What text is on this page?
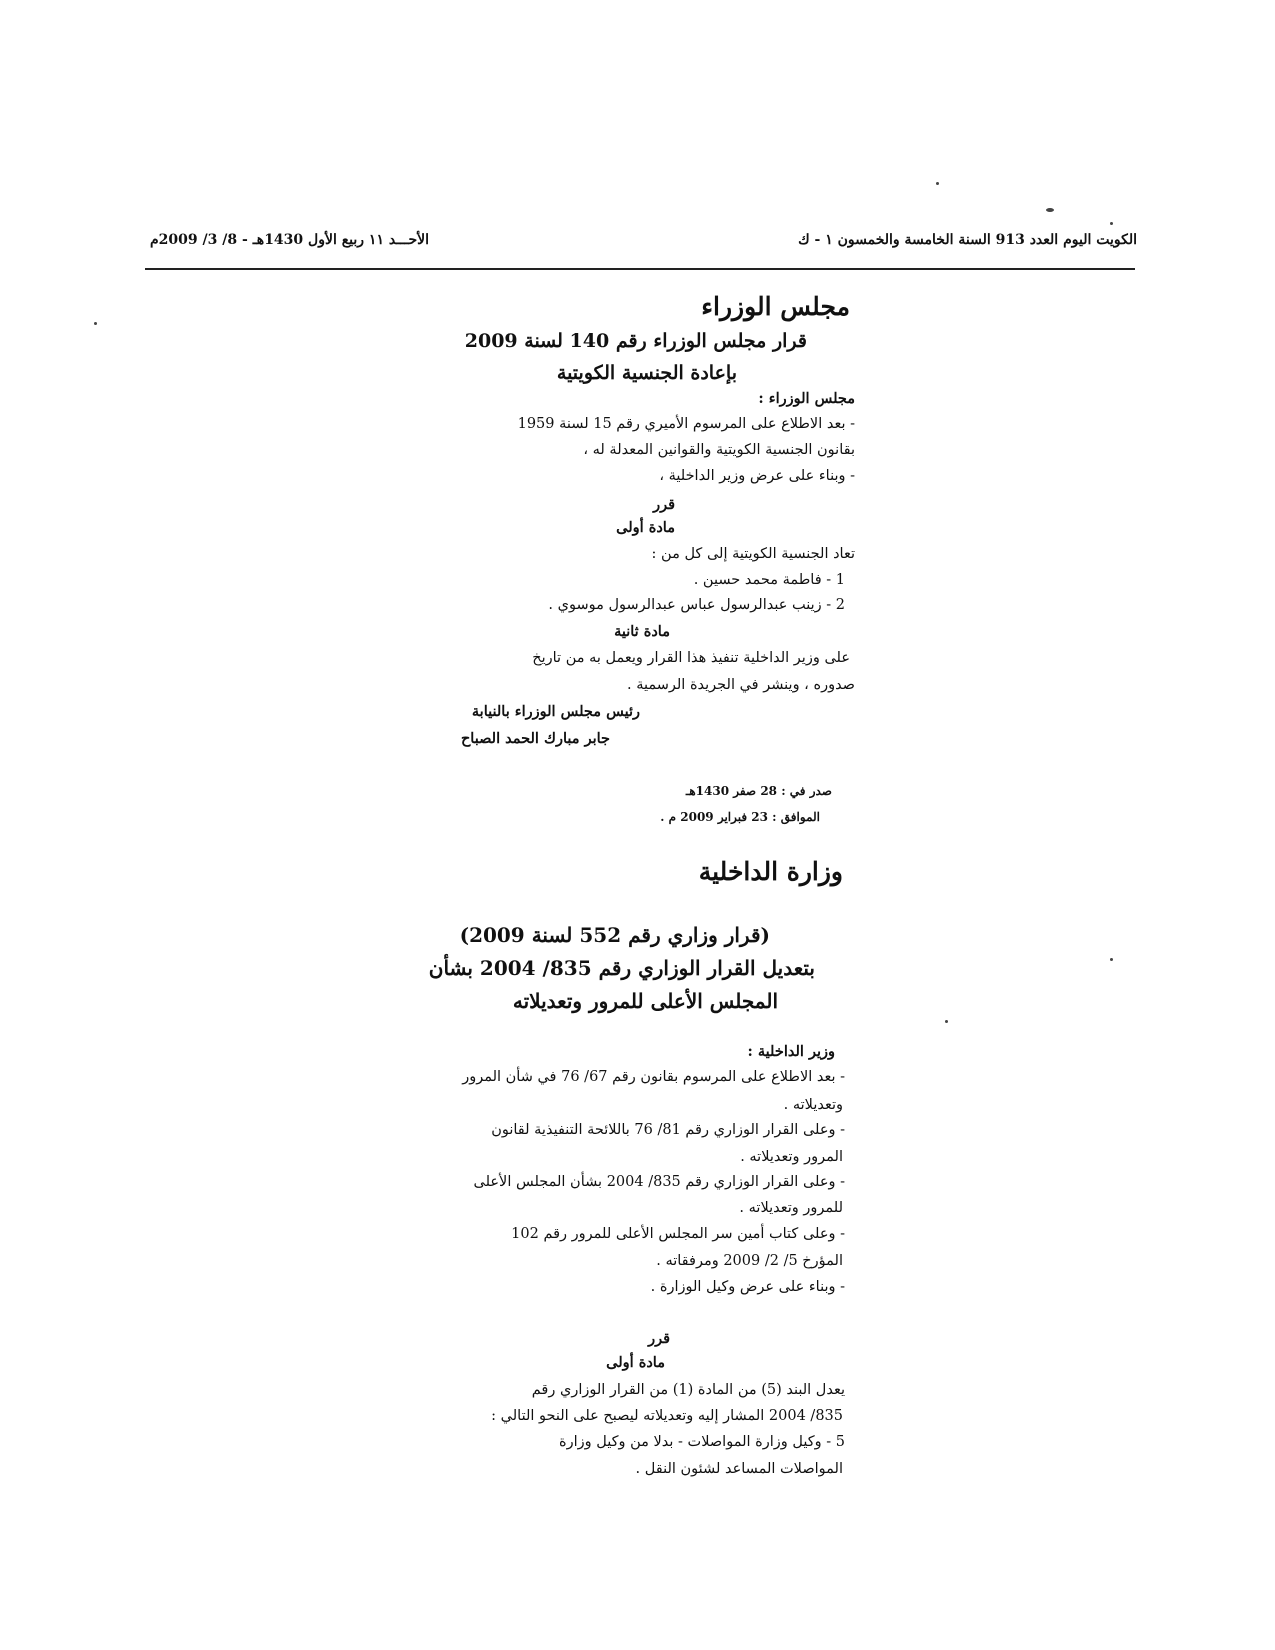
الكويت اليوم العدد 913 السنة الخامسة والخمسون ١ - ك
الأحـــد ١١ ربيع الأول 1430هـ - 8/ 3/ 2009م
مجلس الوزراء
قرار مجلس الوزراء رقم 140 لسنة 2009
بإعادة الجنسية الكويتية
مجلس الوزراء :
- بعد الاطلاع على المرسوم الأميري رقم 15 لسنة 1959
بقانون الجنسية الكويتية والقوانين المعدلة له ،
- وبناء على عرض وزير الداخلية ،
قرر
مادة أولى
تعاد الجنسية الكويتية إلى كل من :
1 - فاطمة محمد حسين .
2 - زينب عبدالرسول عباس عبدالرسول موسوي .
مادة ثانية
على وزير الداخلية تنفيذ هذا القرار ويعمل به من تاريخ
صدوره ، وينشر في الجريدة الرسمية .
رئيس مجلس الوزراء بالنيابة
جابر مبارك الحمد الصباح
صدر في : 28 صفر 1430هـ
الموافق : 23 فبراير 2009 م .
وزارة الداخلية
(قرار وزاري رقم 552 لسنة 2009)
بتعديل القرار الوزاري رقم 835/ 2004 بشأن
المجلس الأعلى للمرور وتعديلاته
وزير الداخلية :
- بعد الاطلاع على المرسوم بقانون رقم 67/ 76 في شأن المرور
وتعديلاته .
- وعلى القرار الوزاري رقم 81/ 76 باللائحة التنفيذية لقانون
المرور وتعديلاته .
- وعلى القرار الوزاري رقم 835/ 2004 بشأن المجلس الأعلى
للمرور وتعديلاته .
- وعلى كتاب أمين سر المجلس الأعلى للمرور رقم 102
المؤرخ 5/ 2/ 2009 ومرفقاته .
- وبناء على عرض وكيل الوزارة .
قرر
مادة أولى
يعدل البند (5) من المادة (1) من القرار الوزاري رقم
835/ 2004 المشار إليه وتعديلاته ليصبح على النحو التالي :
5 - وكيل وزارة المواصلات - بدلا من وكيل وزارة
المواصلات المساعد لشئون النقل .
